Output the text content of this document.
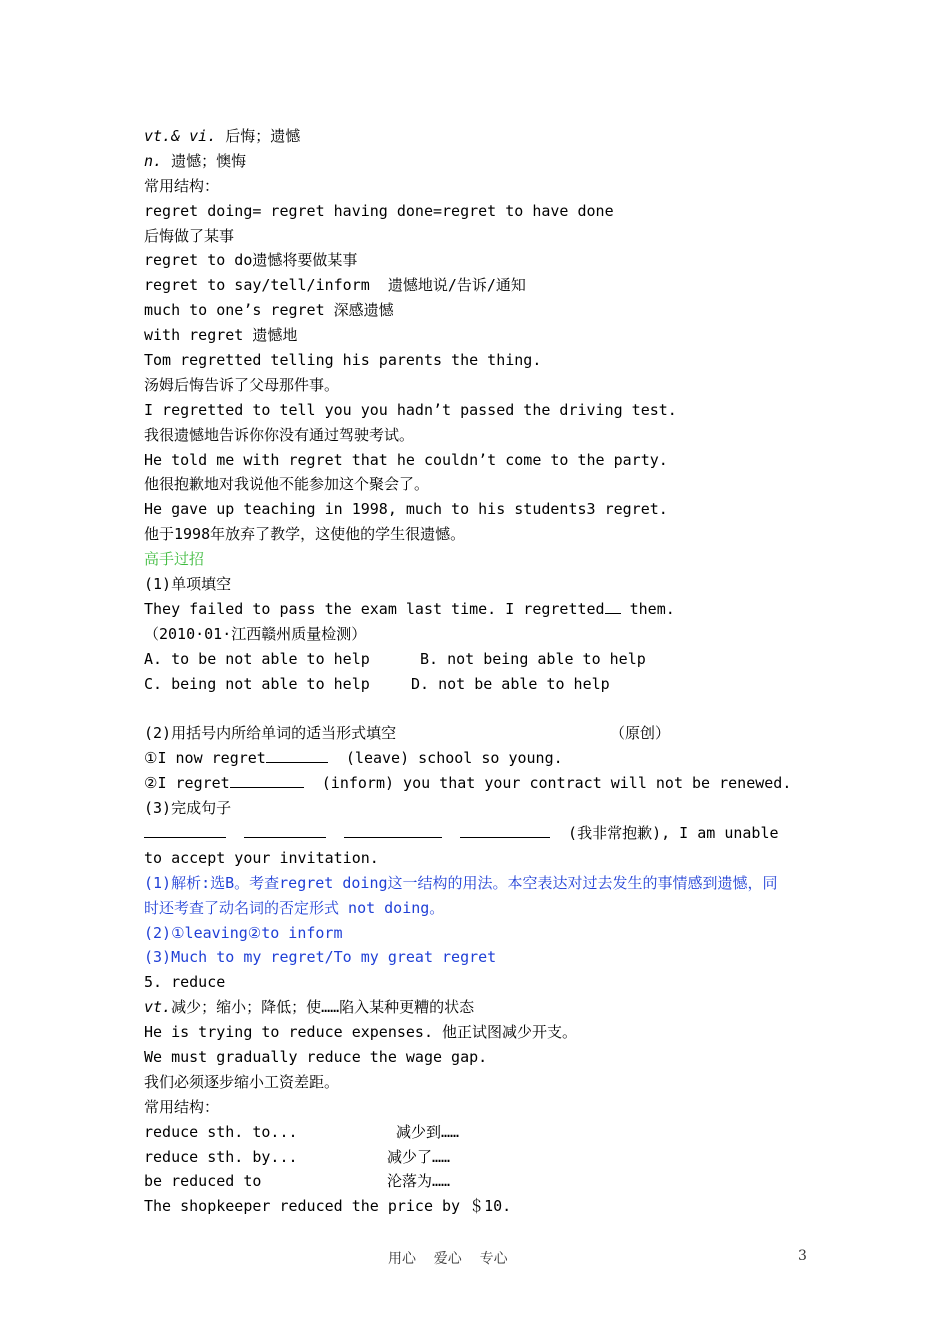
vt.& vi. 后悔；遗憾
n. 遗憾；懊悔
常用结构：
regret doing= regret having done=regret to have done
后悔做了某事
regret to do遗憾将要做某事
regret to say/tell/inform  遗憾地说/告诉/通知
much to one’s regret 深感遗憾
with regret 遗憾地
Tom regretted telling his parents the thing.
汤姆后悔告诉了父母那件事。
I regretted to tell you you hadn’t passed the driving test.
我很遗憾地告诉你你没有通过驾驶考试。
He told me with regret that he couldn’t come to the party.
他很抱歉地对我说他不能参加这个聚会了。
He gave up teaching in 1998, much to his students3 regret.
他于1998年放弃了教学，这使他的学生很遗憾。
高手过招
(1)单项填空
They failed to pass the exam last time. I regretted them.
（2010·01·江西赣州质量检测）
A. to be not able to help	B. not being able to help
C. being not able to help	D. not be able to help
(2)用括号内所给单词的适当形式填空	（原创）
①I now regret	(leave) school so young.
②I regret	(inform) you that your contract will not be renewed.
(3)完成句子
(我非常抱歉), I am unable
to accept your invitation.
(1)解析:选B。考查regret doing这一结构的用法。本空表达对过去发生的事情感到遗憾，同
时还考查了动名词的否定形式 not doing。
(2)①leaving②to inform
(3)Much to my regret/To my great regret
5. reduce
vt.减少；缩小；降低；使……陷入某种更糟的状态
He is trying to reduce expenses. 他正试图减少开支。
We must gradually reduce the wage gap.
我们必须逐步缩小工资差距。
常用结构：
reduce sth. to...	减少到……
reduce sth. by...	减少了……
be reduced to	沦落为……
The shopkeeper reduced the price by ＄10.
用心    爱心    专心	3
